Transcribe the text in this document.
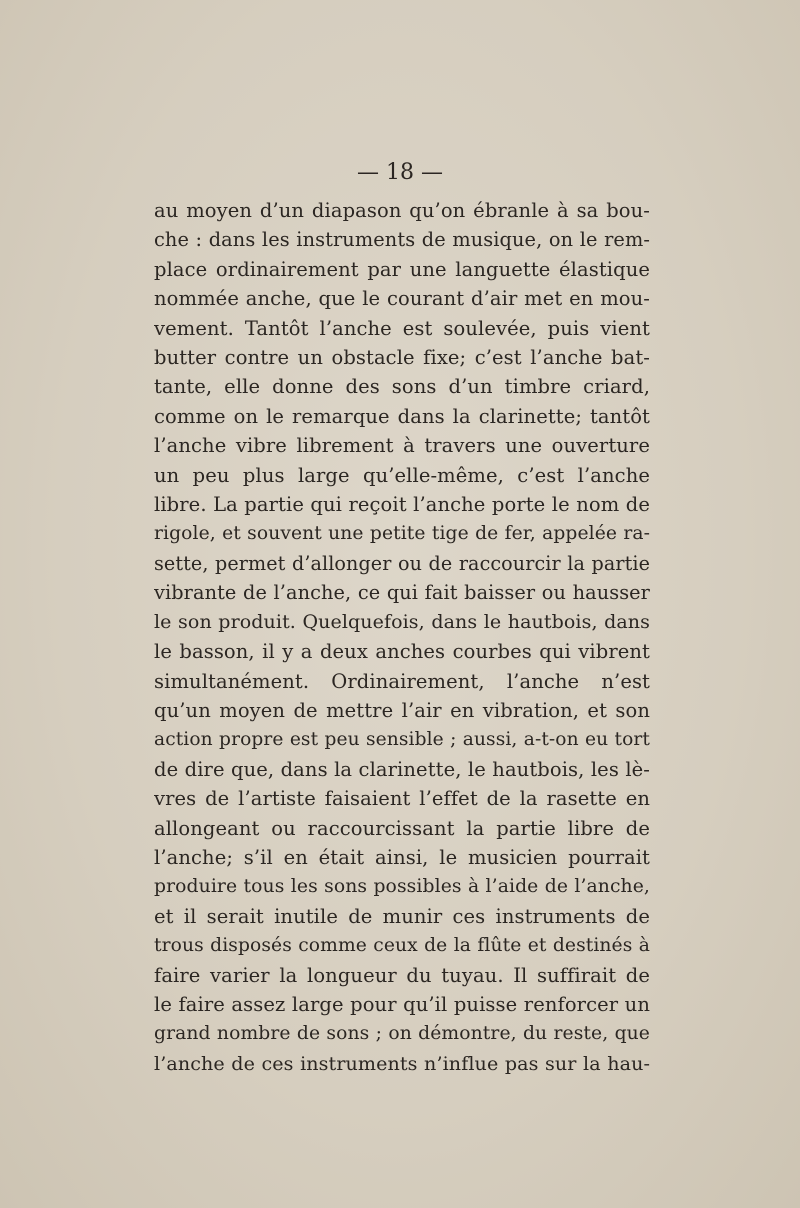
— 18 —
au moyen d’un diapason qu’on ébranle à sa bou-
che : dans les instruments de musique, on le rem-
place ordinairement par une languette élastique
nommée anche, que le courant d’air met en mou-
vement. Tantôt l’anche est soulevée, puis vient
butter contre un obstacle fixe; c’est l’anche bat-
tante, elle donne des sons d’un timbre criard,
comme on le remarque dans la clarinette; tantôt
l’anche vibre librement à travers une ouverture
un peu plus large qu’elle-même, c’est l’anche
libre. La partie qui reçoit l’anche porte le nom de
rigole, et souvent une petite tige de fer, appelée ra-
sette, permet d’allonger ou de raccourcir la partie
vibrante de l’anche, ce qui fait baisser ou hausser
le son produit. Quelquefois, dans le hautbois, dans
le basson, il y a deux anches courbes qui vibrent
simultanément. Ordinairement, l’anche n’est
qu’un moyen de mettre l’air en vibration, et son
action propre est peu sensible ; aussi, a-t-on eu tort
de dire que, dans la clarinette, le hautbois, les lè-
vres de l’artiste faisaient l’effet de la rasette en
allongeant ou raccourcissant la partie libre de
l’anche; s’il en était ainsi, le musicien pourrait
produire tous les sons possibles à l’aide de l’anche,
et il serait inutile de munir ces instruments de
trous disposés comme ceux de la flûte et destinés à
faire varier la longueur du tuyau. Il suffirait de
le faire assez large pour qu’il puisse renforcer un
grand nombre de sons ; on démontre, du reste, que
l’anche de ces instruments n’influe pas sur la hau-
